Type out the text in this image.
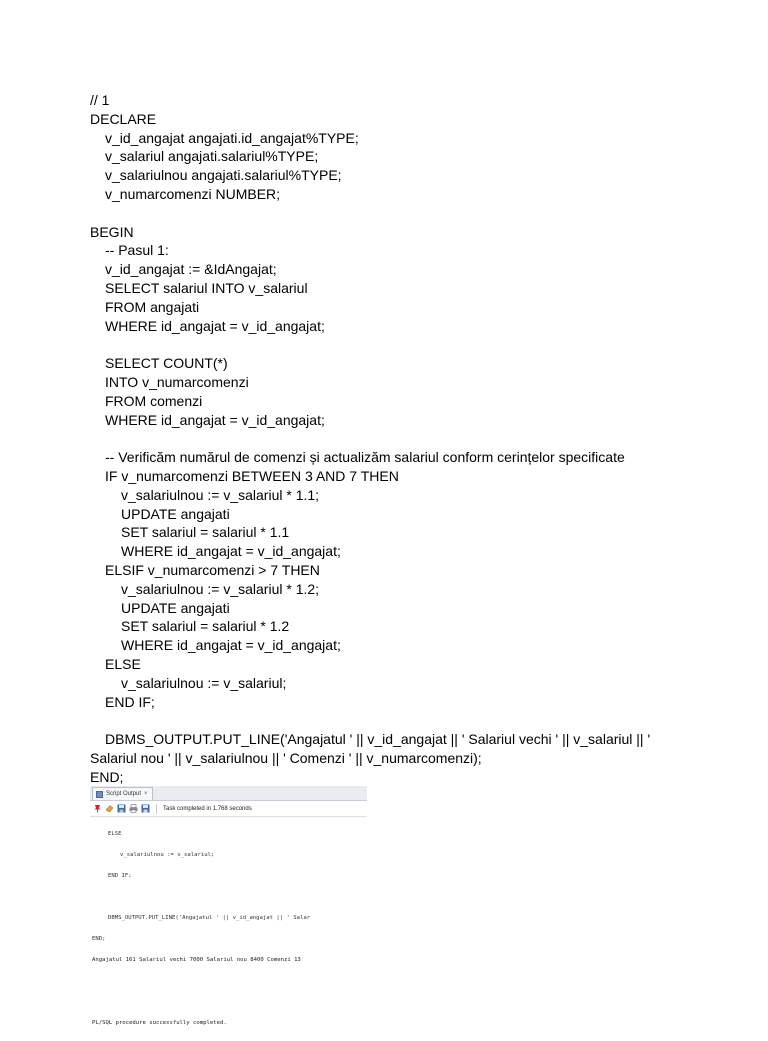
// 1
DECLARE
v_id_angajat angajati.id_angajat%TYPE;
v_salariul angajati.salariul%TYPE;
v_salariulnou angajati.salariul%TYPE;
v_numarcomenzi NUMBER;
BEGIN
-- Pasul 1:
v_id_angajat := &IdAngajat;
SELECT salariul INTO v_salariul
FROM angajati
WHERE id_angajat = v_id_angajat;
SELECT COUNT(*)
INTO v_numarcomenzi
FROM comenzi
WHERE id_angajat = v_id_angajat;
-- Verificăm numărul de comenzi și actualizăm salariul conform cerințelor specificate
IF v_numarcomenzi BETWEEN 3 AND 7 THEN
v_salariulnou := v_salariul * 1.1;
UPDATE angajati
SET salariul = salariul * 1.1
WHERE id_angajat = v_id_angajat;
ELSIF v_numarcomenzi > 7 THEN
v_salariulnou := v_salariul * 1.2;
UPDATE angajati
SET salariul = salariul * 1.2
WHERE id_angajat = v_id_angajat;
ELSE
v_salariulnou := v_salariul;
END IF;
DBMS_OUTPUT.PUT_LINE('Angajatul ' || v_id_angajat || ' Salariul vechi ' || v_salariul || '
Salariul nou ' || v_salariulnou || ' Comenzi ' || v_numarcomenzi);
END;
Script Output ×
Task completed in 1.768 seconds

ELSE

v_salariulnou := v_salariul;

END IF;

DBMS_OUTPUT.PUT_LINE('Angajatul ' || v_id_angajat || ' Salar

END;

Angajatul 161 Salariul vechi 7000 Salariul nou 8400 Comenzi 13

PL/SQL procedure successfully completed.
